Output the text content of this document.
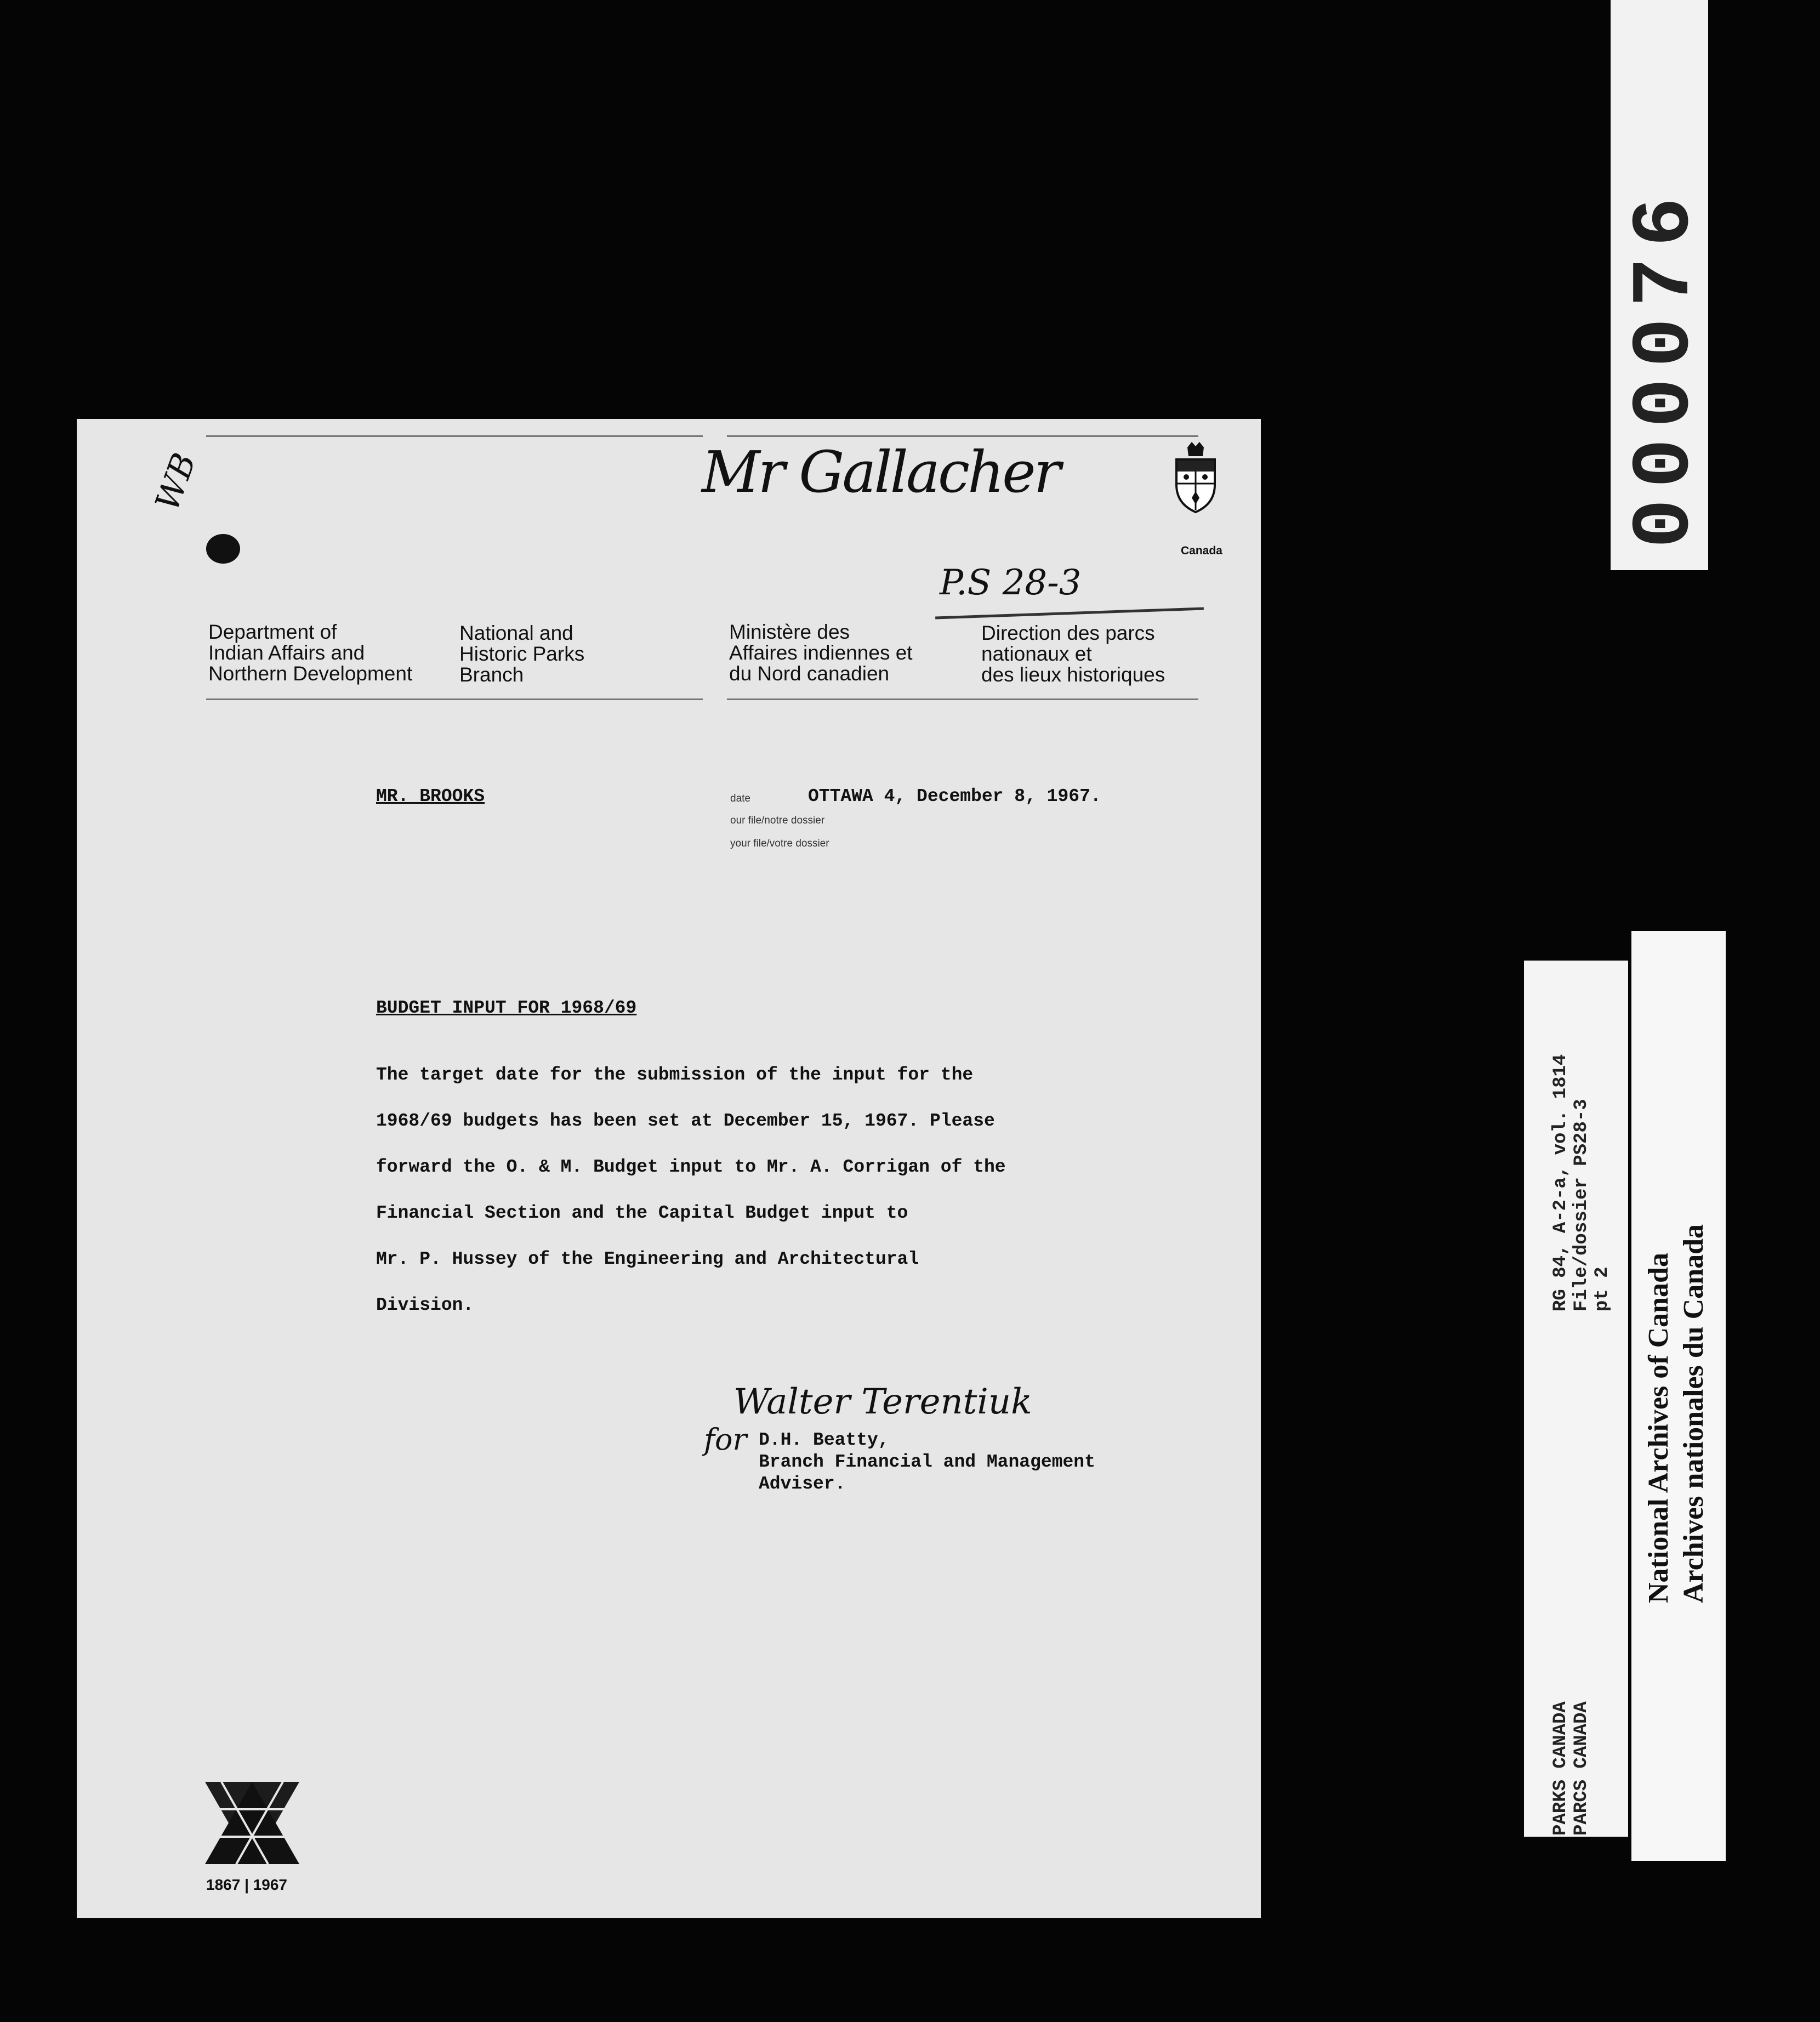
Canada
WB	Mr Gallacher
P.S 28-3
Department of
Indian Affairs and
Northern Development
National and
Historic Parks
Branch
Ministère des
Affaires indiennes et
du Nord canadien
Direction des parcs
nationaux et
des lieux historiques
MR. BROOKS	date	OTTAWA 4, December 8, 1967.
our file/notre dossier
your file/votre dossier
BUDGET INPUT FOR 1968/69
The target date for the submission of the input for the
1968/69 budgets has been set at December 15, 1967. Please
forward the O. & M. Budget input to Mr. A. Corrigan of the
Financial Section and the Capital Budget input to
Mr. P. Hussey of the Engineering and Architectural
Division.
Walter Terentiuk
for D.H. Beatty,
Branch Financial and Management
Adviser.
1867 | 1967
000076
RG 84, A-2-a, vol. 1814 File/dossier PS28-3 pt 2
PARKS CANADA PARCS CANADA
National Archives of Canada Archives nationales du Canada
